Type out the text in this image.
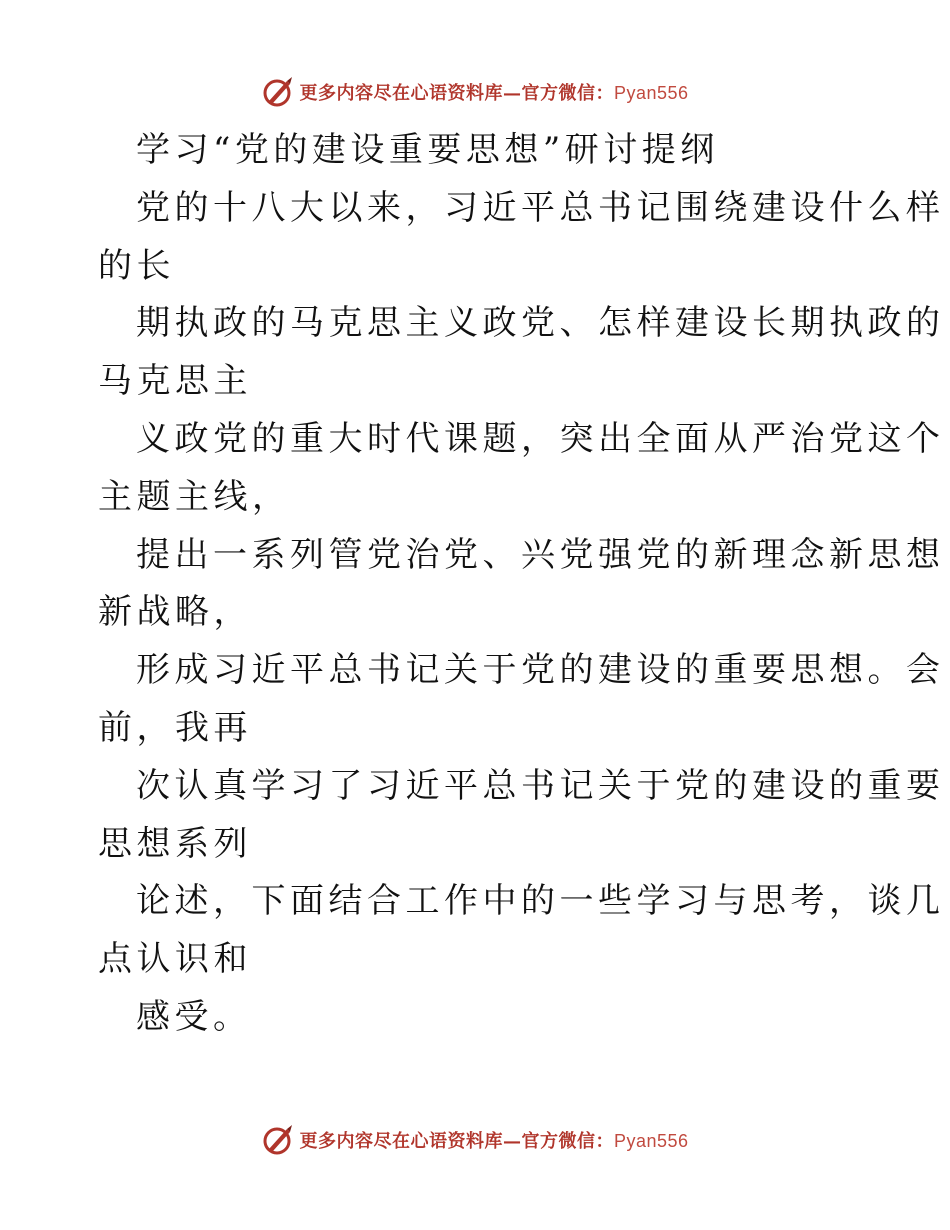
更多内容尽在心语资料库—官方微信：Pyan556
学习“党的建设重要思想”研讨提纲
党的十八大以来，习近平总书记围绕建设什么样
的长
期执政的马克思主义政党、怎样建设长期执政的
马克思主
义政党的重大时代课题，突出全面从严治党这个
主题主线，
提出一系列管党治党、兴党强党的新理念新思想
新战略，
形成习近平总书记关于党的建设的重要思想。会
前，我再
次认真学习了习近平总书记关于党的建设的重要
思想系列
论述，下面结合工作中的一些学习与思考，谈几
点认识和
感受。
更多内容尽在心语资料库—官方微信：Pyan556
